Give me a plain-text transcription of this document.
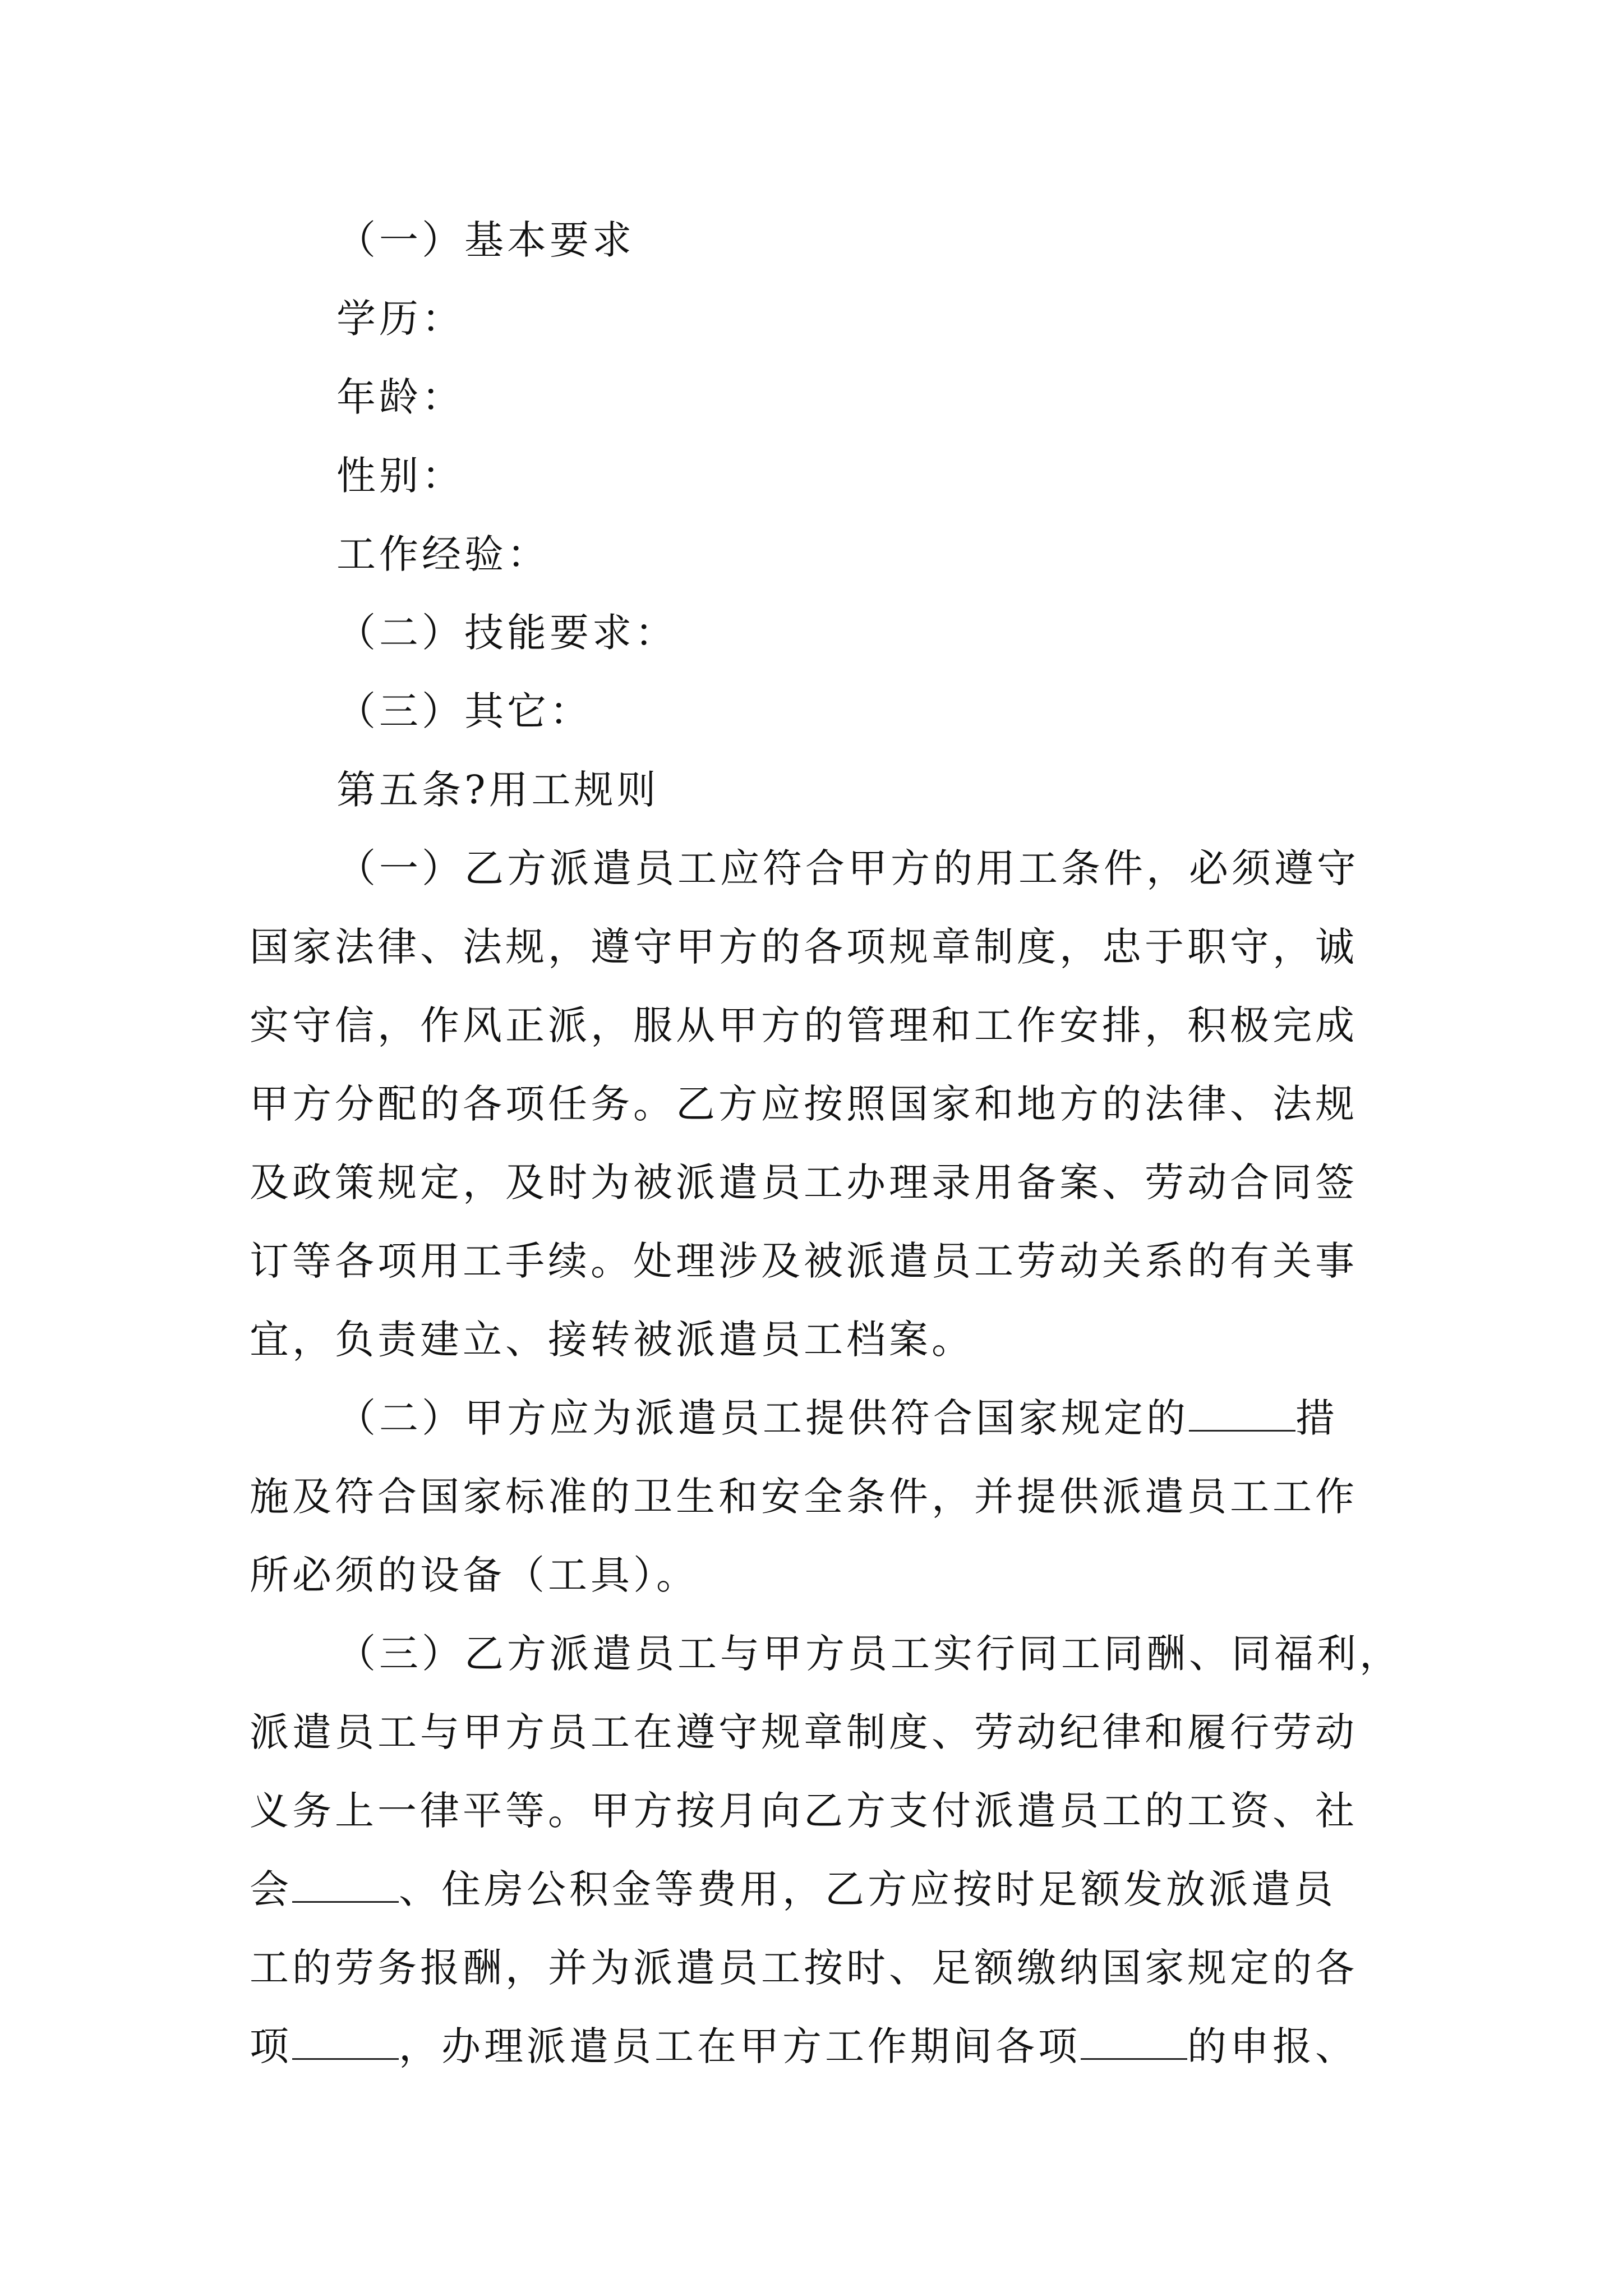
（一）基本要求
学历：
年龄：
性别：
工作经验：
（二）技能要求：
（三）其它：
第五条?用工规则
（一）乙方派遣员工应符合甲方的用工条件，必须遵守
国家法律、法规，遵守甲方的各项规章制度，忠于职守，诚
实守信，作风正派，服从甲方的管理和工作安排，积极完成
甲方分配的各项任务。乙方应按照国家和地方的法律、法规
及政策规定，及时为被派遣员工办理录用备案、劳动合同签
订等各项用工手续。处理涉及被派遣员工劳动关系的有关事
宜，负责建立、接转被派遣员工档案。
（二）甲方应为派遣员工提供符合国家规定的	措
施及符合国家标准的卫生和安全条件，并提供派遣员工工作
所必须的设备（工具）。
（三）乙方派遣员工与甲方员工实行同工同酬、同福利，
派遣员工与甲方员工在遵守规章制度、劳动纪律和履行劳动
义务上一律平等。甲方按月向乙方支付派遣员工的工资、社
会	、住房公积金等费用，乙方应按时足额发放派遣员
工的劳务报酬，并为派遣员工按时、足额缴纳国家规定的各
项	，办理派遣员工在甲方工作期间各项	的申报、
